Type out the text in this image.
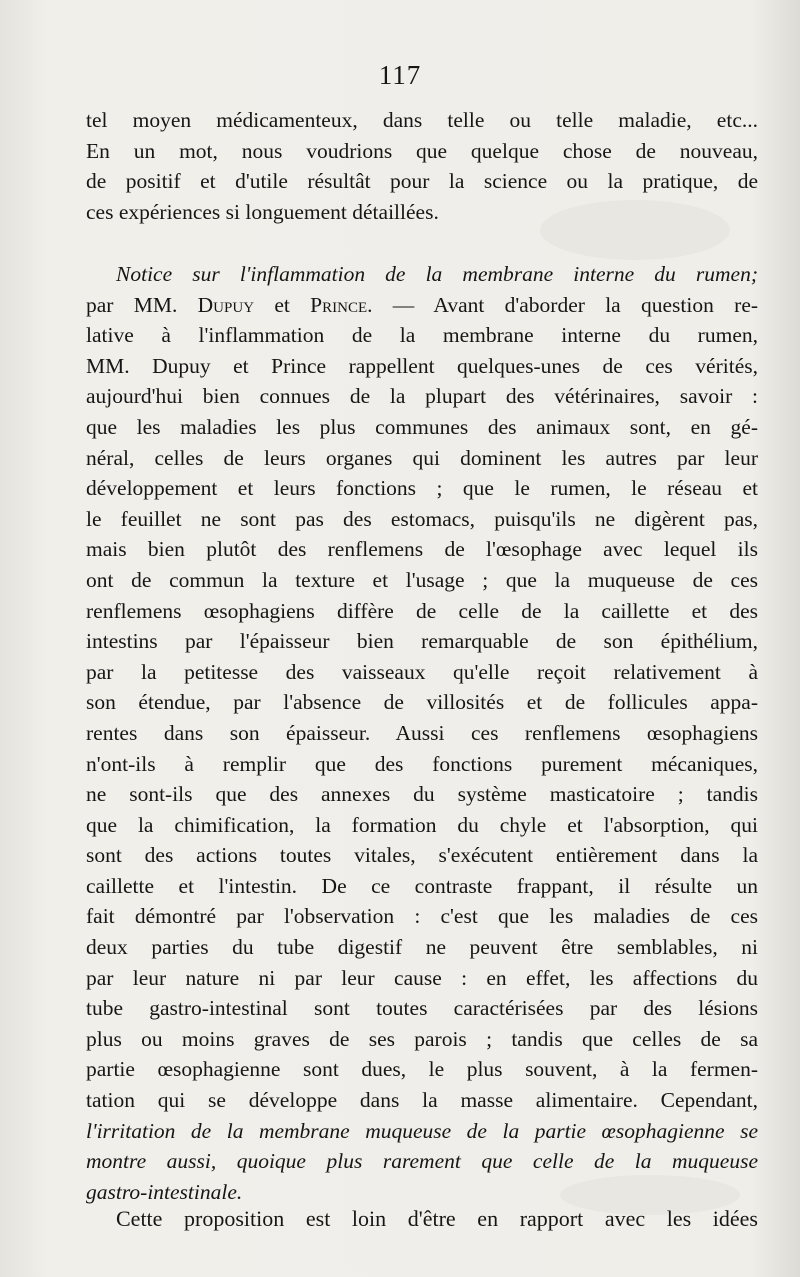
117
tel moyen médicamenteux, dans telle ou telle maladie, etc...
En un mot, nous voudrions que quelque chose de nouveau,
de positif et d'utile résultât pour la science ou la pratique, de
ces expériences si longuement détaillées.
Notice sur l'inflammation de la membrane interne du rumen;
par MM. Dupuy et Prince. — Avant d'aborder la question re-
lative à l'inflammation de la membrane interne du rumen,
MM. Dupuy et Prince rappellent quelques-unes de ces vérités,
aujourd'hui bien connues de la plupart des vétérinaires, savoir :
que les maladies les plus communes des animaux sont, en gé-
néral, celles de leurs organes qui dominent les autres par leur
développement et leurs fonctions ; que le rumen, le réseau et
le feuillet ne sont pas des estomacs, puisqu'ils ne digèrent pas,
mais bien plutôt des renflemens de l'œsophage avec lequel ils
ont de commun la texture et l'usage ; que la muqueuse de ces
renflemens œsophagiens diffère de celle de la caillette et des
intestins par l'épaisseur bien remarquable de son épithélium,
par la petitesse des vaisseaux qu'elle reçoit relativement à
son étendue, par l'absence de villosités et de follicules appa-
rentes dans son épaisseur. Aussi ces renflemens œsophagiens
n'ont-ils à remplir que des fonctions purement mécaniques,
ne sont-ils que des annexes du système masticatoire ; tandis
que la chimification, la formation du chyle et l'absorption, qui
sont des actions toutes vitales, s'exécutent entièrement dans la
caillette et l'intestin. De ce contraste frappant, il résulte un
fait démontré par l'observation : c'est que les maladies de ces
deux parties du tube digestif ne peuvent être semblables, ni
par leur nature ni par leur cause : en effet, les affections du
tube gastro-intestinal sont toutes caractérisées par des lésions
plus ou moins graves de ses parois ; tandis que celles de sa
partie œsophagienne sont dues, le plus souvent, à la fermen-
tation qui se développe dans la masse alimentaire. Cependant,
l'irritation de la membrane muqueuse de la partie œsophagienne se
montre aussi, quoique plus rarement que celle de la muqueuse
gastro-intestinale.
Cette proposition est loin d'être en rapport avec les idées
